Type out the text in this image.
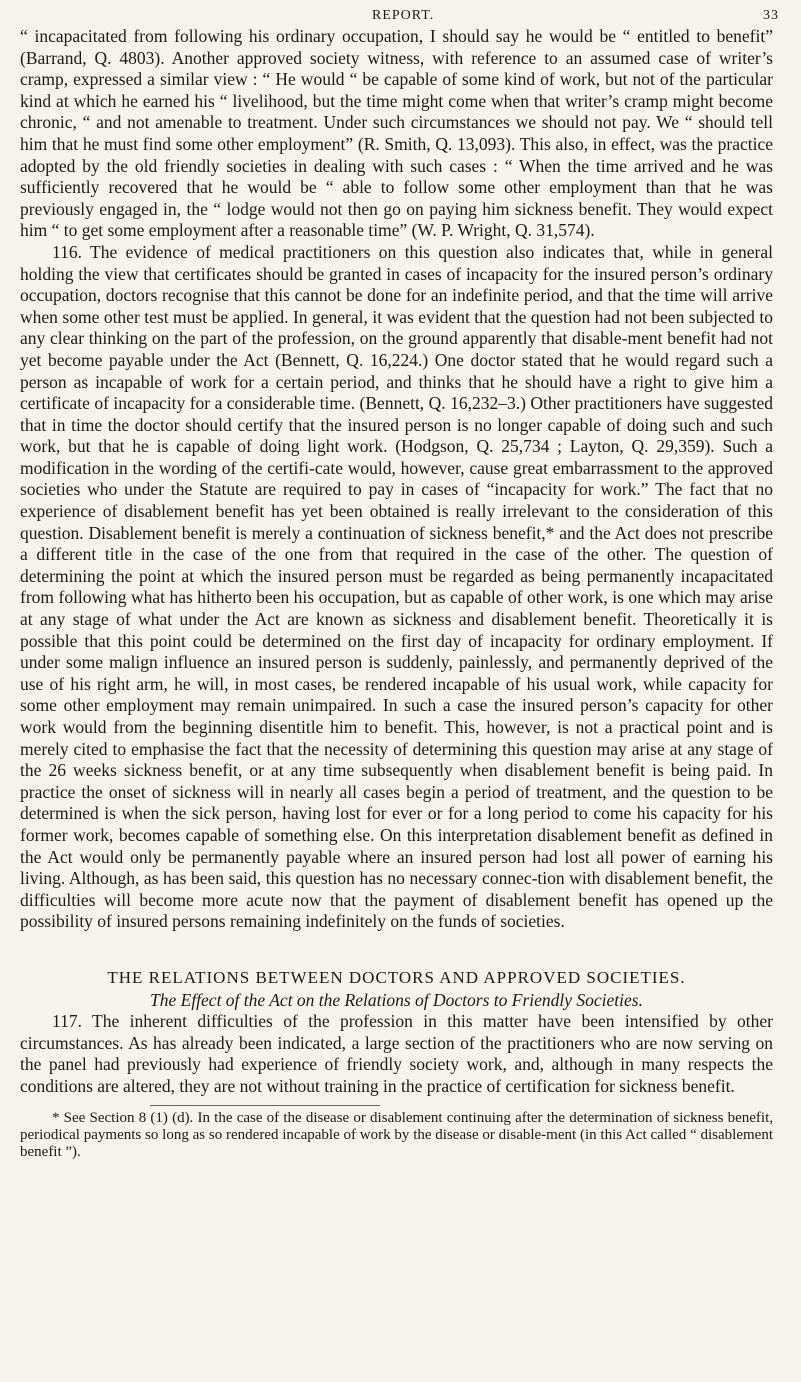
REPORT.	33

“ incapacitated from following his ordinary occupation, I should say he would be “ entitled to benefit” (Barrand, Q. 4803). Another approved society witness, with reference to an assumed case of writer’s cramp, expressed a similar view : “ He would “ be capable of some kind of work, but not of the particular kind at which he earned his “ livelihood, but the time might come when that writer’s cramp might become chronic, “ and not amenable to treatment. Under such circumstances we should not pay. We “ should tell him that he must find some other employment” (R. Smith, Q. 13,093). This also, in effect, was the practice adopted by the old friendly societies in dealing with such cases : “ When the time arrived and he was sufficiently recovered that he would be “ able to follow some other employment than that he was previously engaged in, the “ lodge would not then go on paying him sickness benefit. They would expect him “ to get some employment after a reasonable time” (W. P. Wright, Q. 31,574).

116. The evidence of medical practitioners on this question also indicates that, while in general holding the view that certificates should be granted in cases of incapacity for the insured person’s ordinary occupation, doctors recognise that this cannot be done for an indefinite period, and that the time will arrive when some other test must be applied. In general, it was evident that the question had not been subjected to any clear thinking on the part of the profession, on the ground apparently that disable-ment benefit had not yet become payable under the Act (Bennett, Q. 16,224.) One doctor stated that he would regard such a person as incapable of work for a certain period, and thinks that he should have a right to give him a certificate of incapacity for a considerable time. (Bennett, Q. 16,232–3.) Other practitioners have suggested that in time the doctor should certify that the insured person is no longer capable of doing such and such work, but that he is capable of doing light work. (Hodgson, Q. 25,734 ; Layton, Q. 29,359). Such a modification in the wording of the certifi-cate would, however, cause great embarrassment to the approved societies who under the Statute are required to pay in cases of “incapacity for work.” The fact that no experience of disablement benefit has yet been obtained is really irrelevant to the consideration of this question. Disablement benefit is merely a continuation of sickness benefit,* and the Act does not prescribe a different title in the case of the one from that required in the case of the other. The question of determining the point at which the insured person must be regarded as being permanently incapacitated from following what has hitherto been his occupation, but as capable of other work, is one which may arise at any stage of what under the Act are known as sickness and disablement benefit. Theoretically it is possible that this point could be determined on the first day of incapacity for ordinary employment. If under some malign influence an insured person is suddenly, painlessly, and permanently deprived of the use of his right arm, he will, in most cases, be rendered incapable of his usual work, while capacity for some other employment may remain unimpaired. In such a case the insured person’s capacity for other work would from the beginning disentitle him to benefit. This, however, is not a practical point and is merely cited to emphasise the fact that the necessity of determining this question may arise at any stage of the 26 weeks sickness benefit, or at any time subsequently when disablement benefit is being paid. In practice the onset of sickness will in nearly all cases begin a period of treatment, and the question to be determined is when the sick person, having lost for ever or for a long period to come his capacity for his former work, becomes capable of something else. On this interpretation disablement benefit as defined in the Act would only be permanently payable where an insured person had lost all power of earning his living. Although, as has been said, this question has no necessary connec-tion with disablement benefit, the difficulties will become more acute now that the payment of disablement benefit has opened up the possibility of insured persons remaining indefinitely on the funds of societies.

THE RELATIONS BETWEEN DOCTORS AND APPROVED SOCIETIES.
The Effect of the Act on the Relations of Doctors to Friendly Societies.

117. The inherent difficulties of the profession in this matter have been intensified by other circumstances. As has already been indicated, a large section of the practitioners who are now serving on the panel had previously had experience of friendly society work, and, although in many respects the conditions are altered, they are not without training in the practice of certification for sickness benefit.

* See Section 8 (1) (d). In the case of the disease or disablement continuing after the determination of sickness benefit, periodical payments so long as so rendered incapable of work by the disease or disable-ment (in this Act called “ disablement benefit ”).
